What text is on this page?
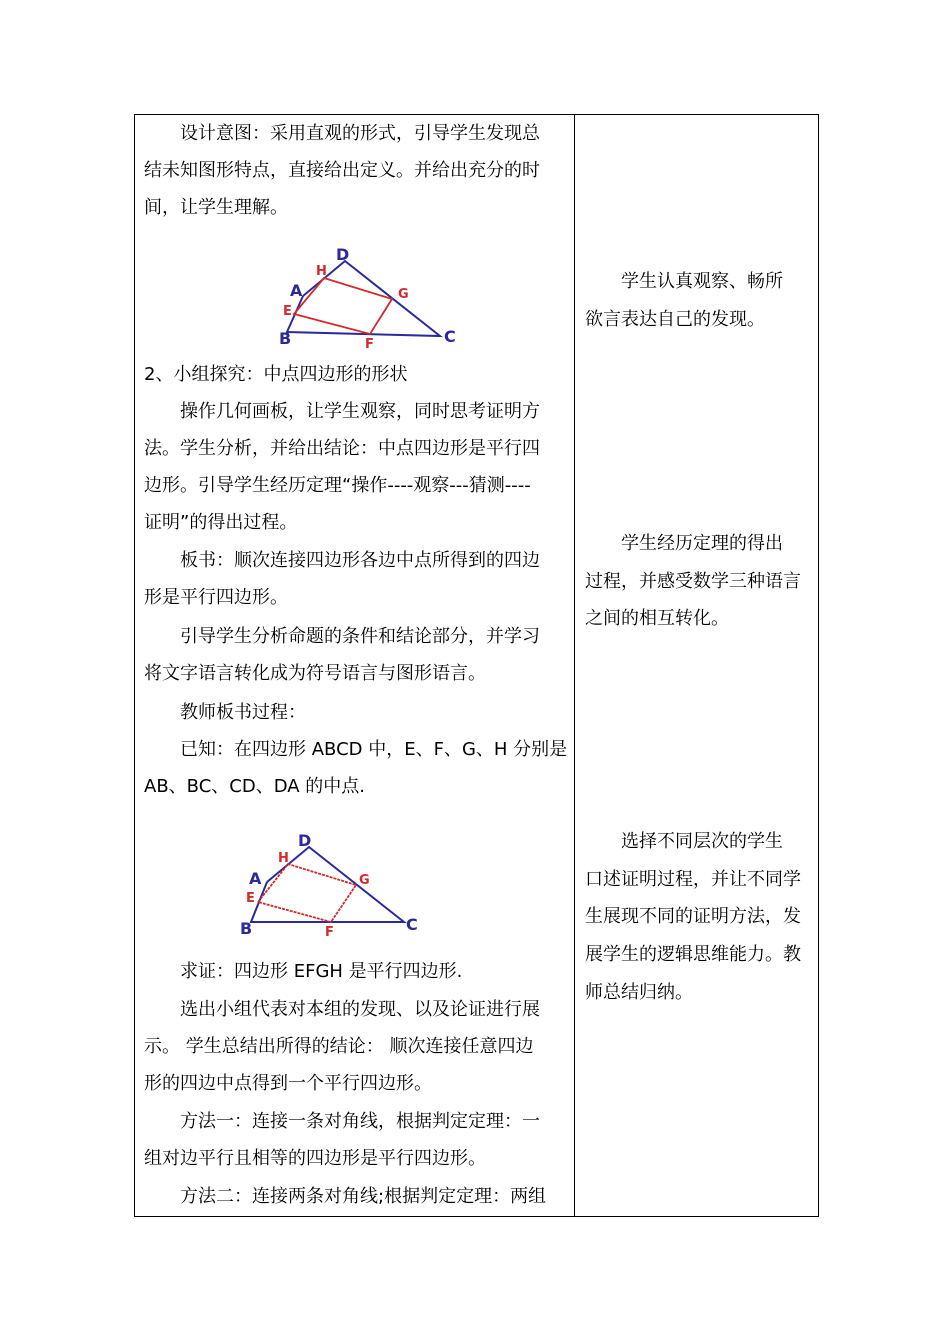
设计意图：采用直观的形式，引导学生发现总
结未知图形特点，直接给出定义。并给出充分的时
间，让学生理解。
D
A
B	C
H
E
G
F
2、小组探究：中点四边形的形状
操作几何画板，让学生观察，同时思考证明方
法。学生分析，并给出结论：中点四边形是平行四
边形。引导学生经历定理“操作----观察---猜测----
证明”的得出过程。
板书：顺次连接四边形各边中点所得到的四边
形是平行四边形。
引导学生分析命题的条件和结论部分，并学习
将文字语言转化成为符号语言与图形语言。
教师板书过程：
已知：在四边形 ABCD 中，E、F、G、H 分别是
AB、BC、CD、DA 的中点.
D
A
B	C
H
E
G
F
求证：四边形 EFGH 是平行四边形.
选出小组代表对本组的发现、以及论证进行展
示。 学生总结出所得的结论： 顺次连接任意四边
形的四边中点得到一个平行四边形。
方法一：连接一条对角线，根据判定定理：一
组对边平行且相等的四边形是平行四边形。
方法二：连接两条对角线;根据判定定理：两组
学生认真观察、畅所
欲言表达自己的发现。
学生经历定理的得出
过程，并感受数学三种语言
之间的相互转化。
选择不同层次的学生
口述证明过程，并让不同学
生展现不同的证明方法，发
展学生的逻辑思维能力。教
师总结归纳。
